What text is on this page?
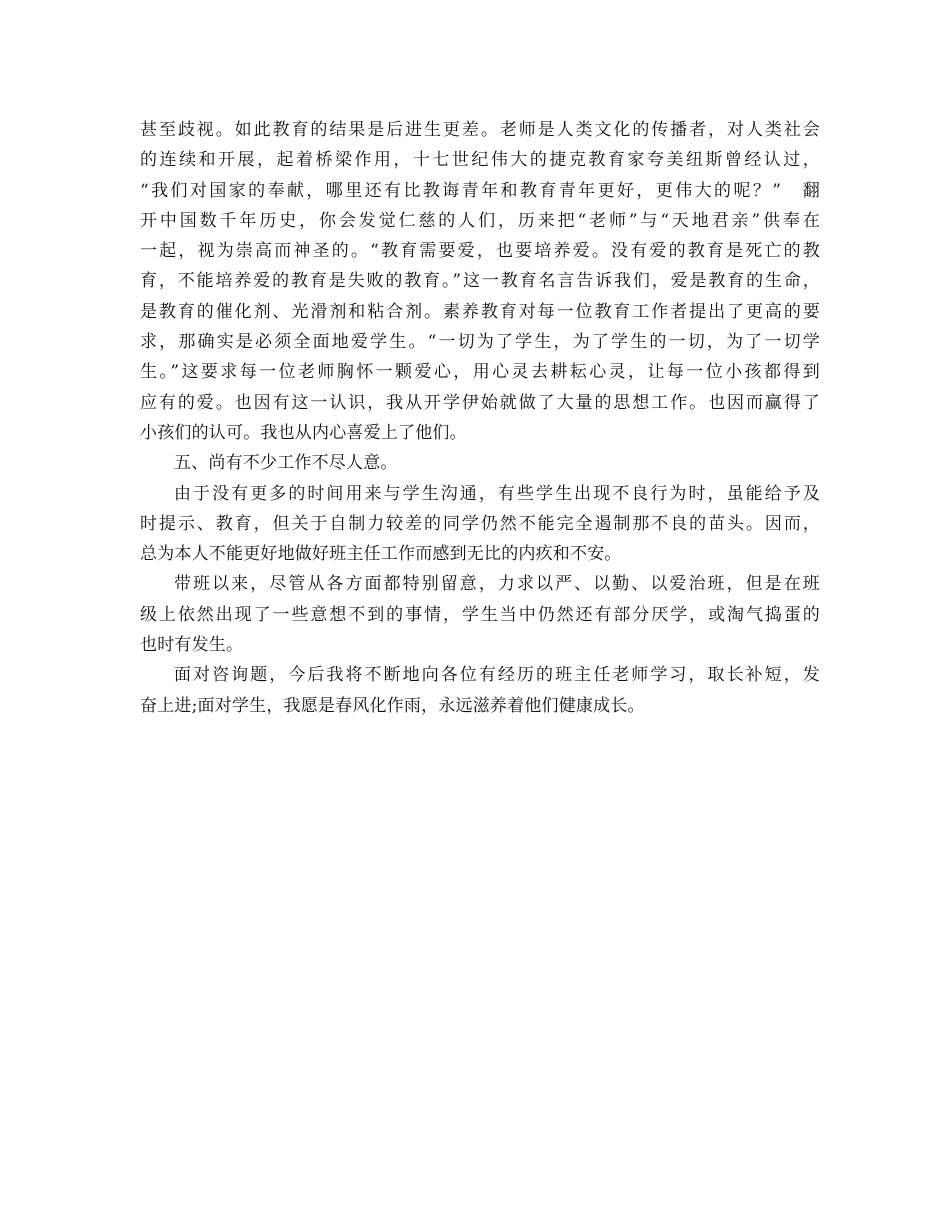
甚至歧视。如此教育的结果是后进生更差。老师是人类文化的传播者，对人类社会
的连续和开展，起着桥梁作用，十七世纪伟大的捷克教育家夸美纽斯曾经认过，
“我们对国家的奉献，哪里还有比教诲青年和教育青年更好，更伟大的呢？”　翻
开中国数千年历史，你会发觉仁慈的人们，历来把“老师”与“天地君亲”供奉在
一起，视为崇高而神圣的。“教育需要爱，也要培养爱。没有爱的教育是死亡的教
育，不能培养爱的教育是失败的教育。”这一教育名言告诉我们，爱是教育的生命，
是教育的催化剂、光滑剂和粘合剂。素养教育对每一位教育工作者提出了更高的要
求，那确实是必须全面地爱学生。“一切为了学生，为了学生的一切，为了一切学
生。”这要求每一位老师胸怀一颗爱心，用心灵去耕耘心灵，让每一位小孩都得到
应有的爱。也因有这一认识，我从开学伊始就做了大量的思想工作。也因而赢得了
小孩们的认可。我也从内心喜爱上了他们。
五、尚有不少工作不尽人意。
由于没有更多的时间用来与学生沟通，有些学生出现不良行为时，虽能给予及
时提示、教育，但关于自制力较差的同学仍然不能完全遏制那不良的苗头。因而，
总为本人不能更好地做好班主任工作而感到无比的内疚和不安。
带班以来，尽管从各方面都特别留意，力求以严、以勤、以爱治班，但是在班
级上依然出现了一些意想不到的事情，学生当中仍然还有部分厌学，或淘气捣蛋的
也时有发生。
面对咨询题，今后我将不断地向各位有经历的班主任老师学习，取长补短，发
奋上进;面对学生，我愿是春风化作雨，永远滋养着他们健康成长。
